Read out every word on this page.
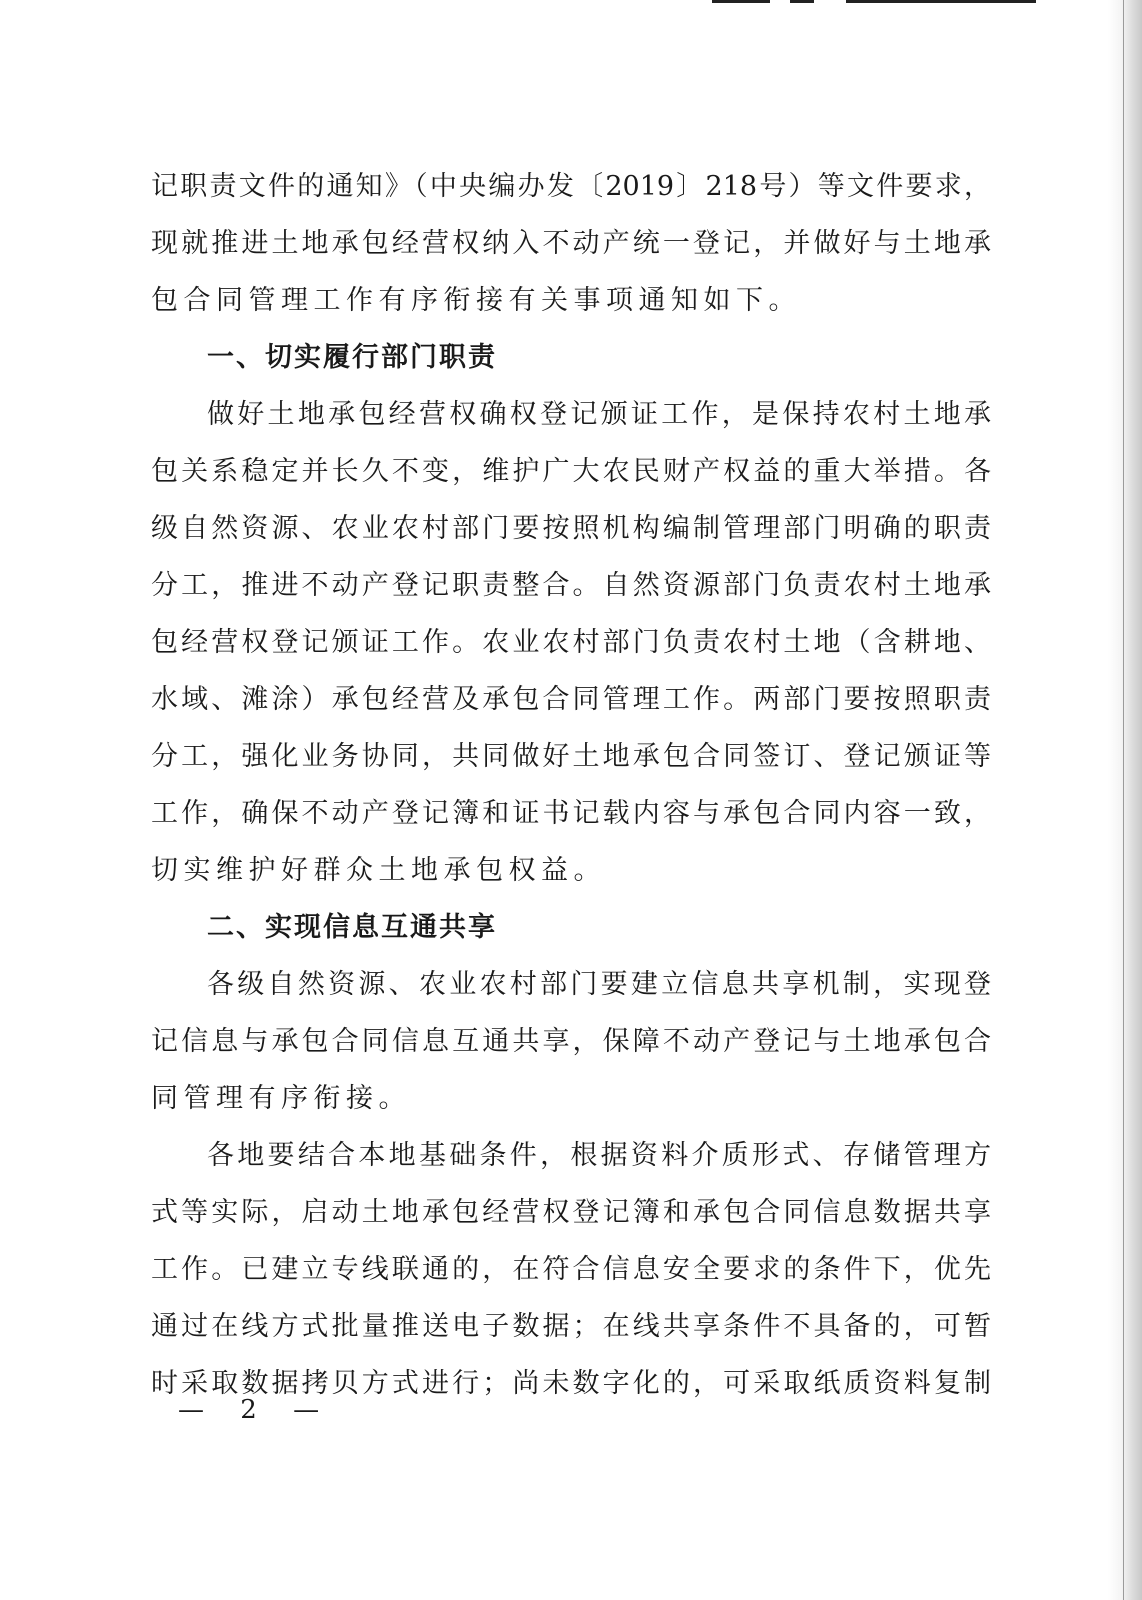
记职责文件的通知》（中央编办发〔2019〕218号）等文件要求，
现就推进土地承包经营权纳入不动产统一登记，并做好与土地承
包合同管理工作有序衔接有关事项通知如下。
一、切实履行部门职责
做好土地承包经营权确权登记颁证工作，是保持农村土地承
包关系稳定并长久不变，维护广大农民财产权益的重大举措。各
级自然资源、农业农村部门要按照机构编制管理部门明确的职责
分工，推进不动产登记职责整合。自然资源部门负责农村土地承
包经营权登记颁证工作。农业农村部门负责农村土地（含耕地、
水域、滩涂）承包经营及承包合同管理工作。两部门要按照职责
分工，强化业务协同，共同做好土地承包合同签订、登记颁证等
工作，确保不动产登记簿和证书记载内容与承包合同内容一致，
切实维护好群众土地承包权益。
二、实现信息互通共享
各级自然资源、农业农村部门要建立信息共享机制，实现登
记信息与承包合同信息互通共享，保障不动产登记与土地承包合
同管理有序衔接。
各地要结合本地基础条件，根据资料介质形式、存储管理方
式等实际，启动土地承包经营权登记簿和承包合同信息数据共享
工作。已建立专线联通的，在符合信息安全要求的条件下，优先
通过在线方式批量推送电子数据；在线共享条件不具备的，可暂
时采取数据拷贝方式进行；尚未数字化的，可采取纸质资料复制
— 2 —
